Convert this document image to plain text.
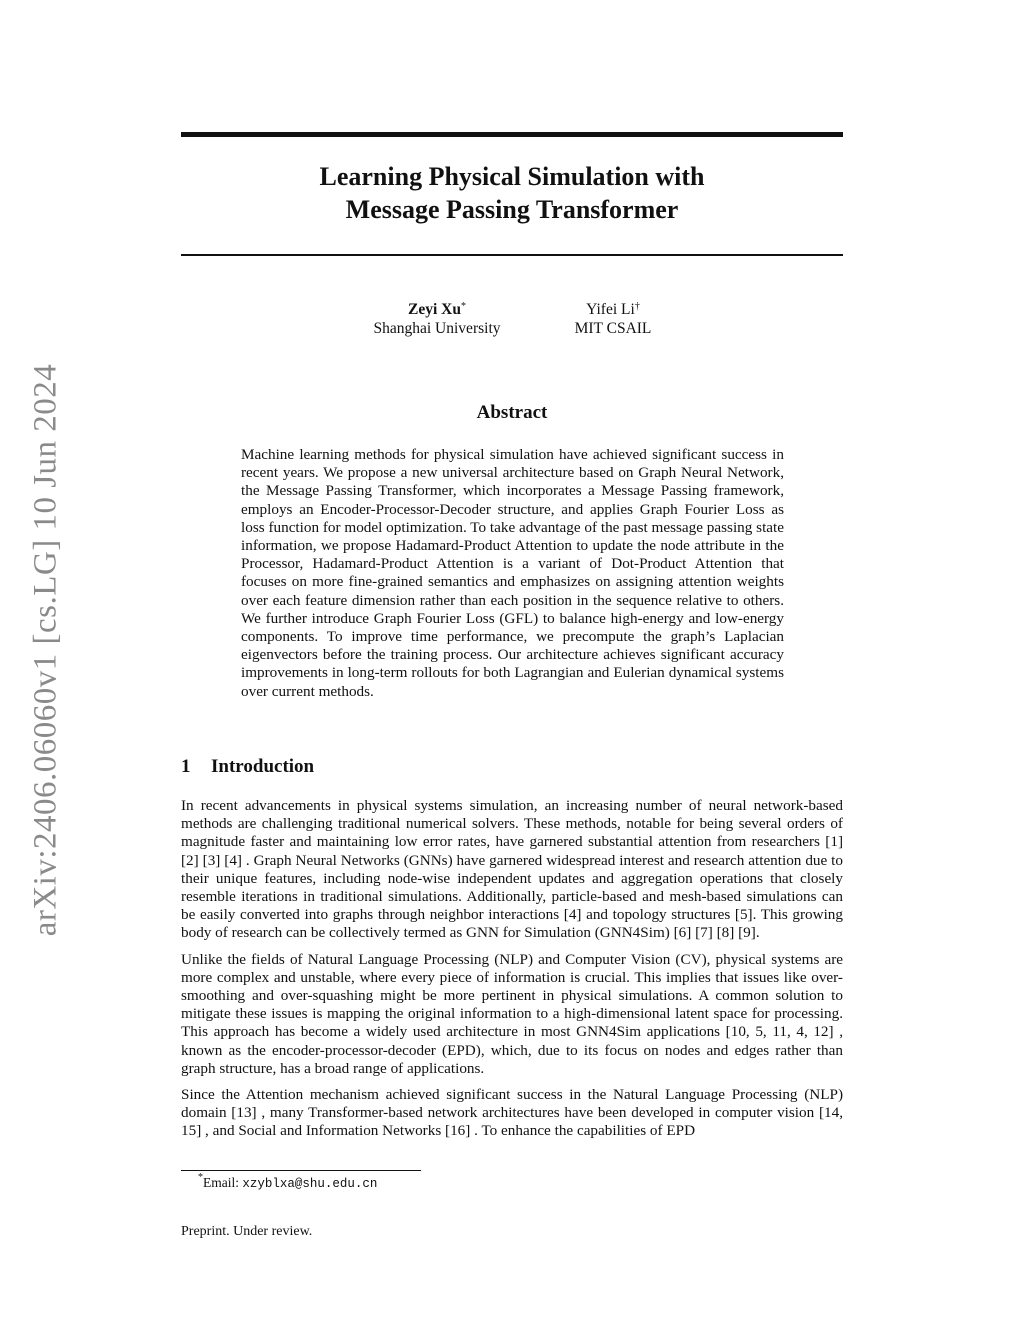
arXiv:2406.06060v1 [cs.LG] 10 Jun 2024
Learning Physical Simulation with
Message Passing Transformer
Zeyi Xu*
Shanghai University
Yifei Li†
MIT CSAIL
Abstract
Machine learning methods for physical simulation have achieved significant success in recent years. We propose a new universal architecture based on Graph Neural Network, the Message Passing Transformer, which incorporates a Message Passing framework, employs an Encoder-Processor-Decoder structure, and applies Graph Fourier Loss as loss function for model optimization. To take advantage of the past message passing state information, we propose Hadamard-Product Attention to update the node attribute in the Processor, Hadamard-Product Attention is a variant of Dot-Product Attention that focuses on more fine-grained semantics and emphasizes on assigning attention weights over each feature dimension rather than each position in the sequence relative to others. We further introduce Graph Fourier Loss (GFL) to balance high-energy and low-energy components. To improve time performance, we precompute the graph’s Laplacian eigenvectors before the training process. Our architecture achieves significant accuracy improvements in long-term rollouts for both Lagrangian and Eulerian dynamical systems over current methods.
1 Introduction

In recent advancements in physical systems simulation, an increasing number of neural network-based methods are challenging traditional numerical solvers. These methods, notable for being several orders of magnitude faster and maintaining low error rates, have garnered substantial attention from researchers [1] [2] [3] [4] . Graph Neural Networks (GNNs) have garnered widespread interest and research attention due to their unique features, including node-wise independent updates and aggregation operations that closely resemble iterations in traditional simulations. Additionally, particle-based and mesh-based simulations can be easily converted into graphs through neighbor interactions [4] and topology structures [5]. This growing body of research can be collectively termed as GNN for Simulation (GNN4Sim) [6] [7] [8] [9].

Unlike the fields of Natural Language Processing (NLP) and Computer Vision (CV), physical systems are more complex and unstable, where every piece of information is crucial. This implies that issues like over-smoothing and over-squashing might be more pertinent in physical simulations. A common solution to mitigate these issues is mapping the original information to a high-dimensional latent space for processing. This approach has become a widely used architecture in most GNN4Sim applications [10, 5, 11, 4, 12] , known as the encoder-processor-decoder (EPD), which, due to its focus on nodes and edges rather than graph structure, has a broad range of applications.

Since the Attention mechanism achieved significant success in the Natural Language Processing (NLP) domain [13] , many Transformer-based network architectures have been developed in computer vision [14, 15] , and Social and Information Networks [16] . To enhance the capabilities of EPD

*Email: xzyblxa@shu.edu.cn
Preprint. Under review.
